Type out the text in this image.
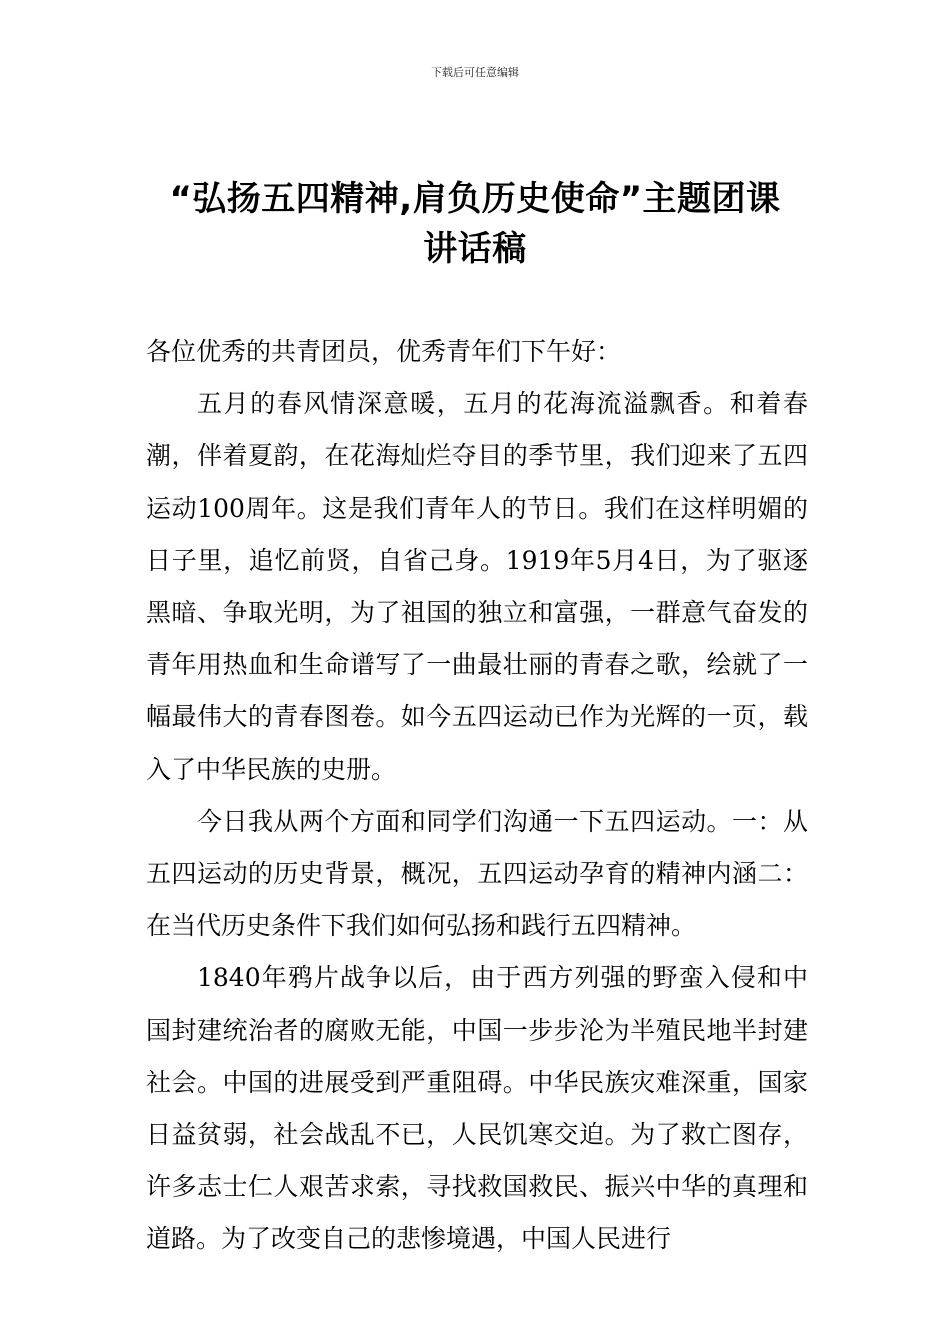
下载后可任意编辑
“弘扬五四精神,肩负历史使命”主题团课
讲话稿

各位优秀的共青团员，优秀青年们下午好：

五月的春风情深意暖，五月的花海流溢飘香。和着春潮，伴着夏韵，在花海灿烂夺目的季节里，我们迎来了五四运动100周年。这是我们青年人的节日。我们在这样明媚的日子里，追忆前贤，自省己身。1919年5月4日，为了驱逐黑暗、争取光明，为了祖国的独立和富强，一群意气奋发的青年用热血和生命谱写了一曲最壮丽的青春之歌，绘就了一幅最伟大的青春图卷。如今五四运动已作为光辉的一页，载入了中华民族的史册。

今日我从两个方面和同学们沟通一下五四运动。一：从五四运动的历史背景，概况，五四运动孕育的精神内涵二：在当代历史条件下我们如何弘扬和践行五四精神。

1840年鸦片战争以后，由于西方列强的野蛮入侵和中国封建统治者的腐败无能，中国一步步沦为半殖民地半封建社会。中国的进展受到严重阻碍。中华民族灾难深重，国家日益贫弱，社会战乱不已，人民饥寒交迫。为了救亡图存，许多志士仁人艰苦求索，寻找救国救民、振兴中华的真理和道路。为了改变自己的悲惨境遇，中国人民进行
